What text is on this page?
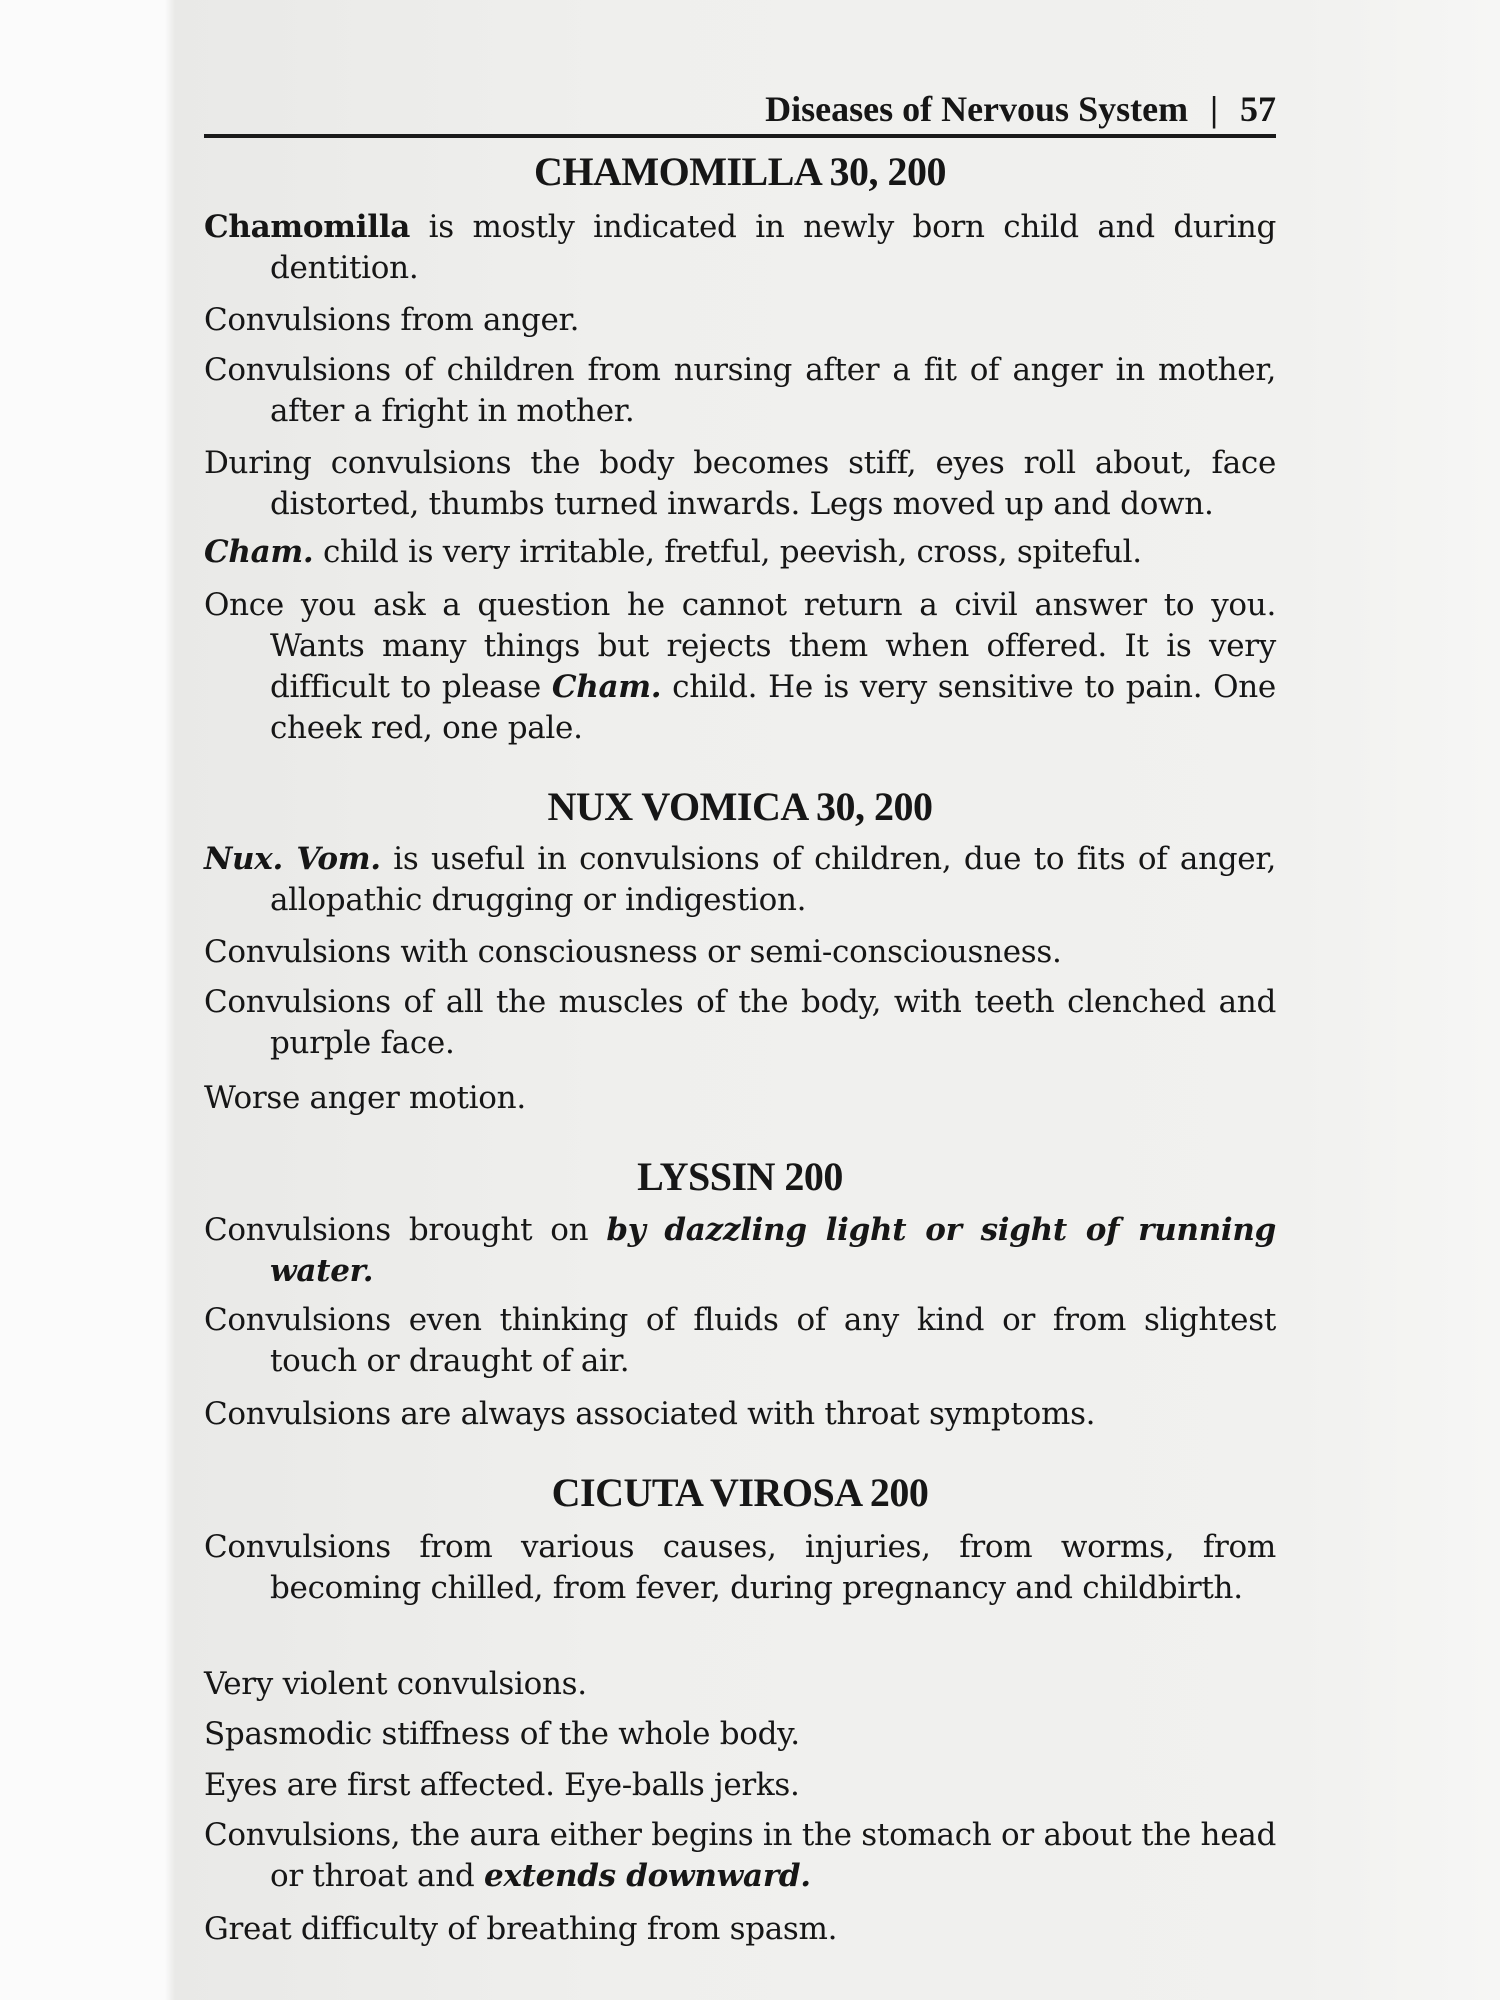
Diseases of Nervous System | 57
CHAMOMILLA 30, 200
Chamomilla is mostly indicated in newly born child and during dentition.
Convulsions from anger.
Convulsions of children from nursing after a fit of anger in mother, after a fright in mother.
During convulsions the body becomes stiff, eyes roll about, face distorted, thumbs turned inwards. Legs moved up and down.
Cham. child is very irritable, fretful, peevish, cross, spiteful.
Once you ask a question he cannot return a civil answer to you. Wants many things but rejects them when offered. It is very difficult to please Cham. child. He is very sensitive to pain. One cheek red, one pale.
NUX VOMICA 30, 200
Nux. Vom. is useful in convulsions of children, due to fits of anger, allopathic drugging or indigestion.
Convulsions with consciousness or semi-consciousness.
Convulsions of all the muscles of the body, with teeth clenched and purple face.
Worse anger motion.
LYSSIN 200
Convulsions brought on by dazzling light or sight of running water.
Convulsions even thinking of fluids of any kind or from slightest touch or draught of air.
Convulsions are always associated with throat symptoms.
CICUTA VIROSA 200
Convulsions from various causes, injuries, from worms, from becoming chilled, from fever, during pregnancy and childbirth.
Very violent convulsions.
Spasmodic stiffness of the whole body.
Eyes are first affected. Eye-balls jerks.
Convulsions, the aura either begins in the stomach or about the head or throat and extends downward.
Great difficulty of breathing from spasm.
